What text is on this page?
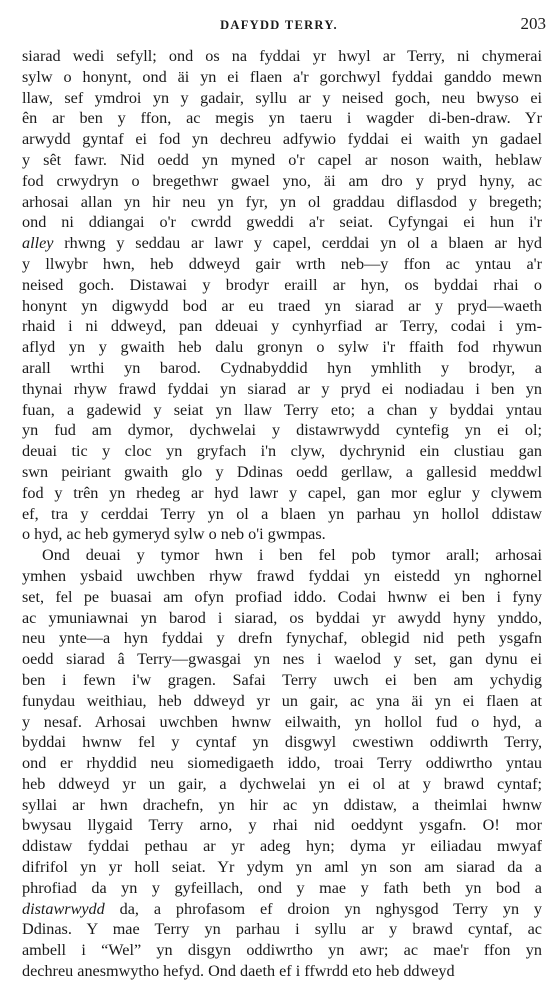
DAFYDD TERRY.	203
siarad wedi sefyll; ond os na fyddai yr hwyl ar Terry, ni chymerai
sylw o honynt, ond äi yn ei flaen a'r gorchwyl fyddai ganddo mewn
llaw, sef ymdroi yn y gadair, syllu ar y neised goch, neu bwyso ei
ên ar ben y ffon, ac megis yn taeru i wagder di-ben-draw. Yr
arwydd gyntaf ei fod yn dechreu adfywio fyddai ei waith yn gadael
y sêt fawr. Nid oedd yn myned o'r capel ar noson waith, heblaw
fod crwydryn o bregethwr gwael yno, äi am dro y pryd hyny, ac
arhosai allan yn hir neu yn fyr, yn ol graddau diflasdod y bregeth;
ond ni ddiangai o'r cwrdd gweddi a'r seiat. Cyfyngai ei hun i'r
alley rhwng y seddau ar lawr y capel, cerddai yn ol a blaen ar hyd
y llwybr hwn, heb ddweyd gair wrth neb—y ffon ac yntau a'r
neised goch. Distawai y brodyr eraill ar hyn, os byddai rhai o
honynt yn digwydd bod ar eu traed yn siarad ar y pryd—waeth
rhaid i ni ddweyd, pan ddeuai y cynhyrfiad ar Terry, codai i ym-
aflyd yn y gwaith heb dalu gronyn o sylw i'r ffaith fod rhywun
arall wrthi yn barod. Cydnabyddid hyn ymhlith y brodyr, a
thynai rhyw frawd fyddai yn siarad ar y pryd ei nodiadau i ben yn
fuan, a gadewid y seiat yn llaw Terry eto; a chan y byddai yntau
yn fud am dymor, dychwelai y distawrwydd cyntefig yn ei ol;
deuai tic y cloc yn gryfach i'n clyw, dychrynid ein clustiau gan
swn peiriant gwaith glo y Ddinas oedd gerllaw, a gallesid meddwl
fod y trên yn rhedeg ar hyd lawr y capel, gan mor eglur y clywem
ef, tra y cerddai Terry yn ol a blaen yn parhau yn hollol ddistaw
o hyd, ac heb gymeryd sylw o neb o'i gwmpas.
Ond deuai y tymor hwn i ben fel pob tymor arall; arhosai
ymhen ysbaid uwchben rhyw frawd fyddai yn eistedd yn nghornel
set, fel pe buasai am ofyn profiad iddo. Codai hwnw ei ben i fyny
ac ymuniawnai yn barod i siarad, os byddai yr awydd hyny ynddo,
neu ynte—a hyn fyddai y drefn fynychaf, oblegid nid peth ysgafn
oedd siarad â Terry—gwasgai yn nes i waelod y set, gan dynu ei
ben i fewn i'w gragen. Safai Terry uwch ei ben am ychydig
funydau weithiau, heb ddweyd yr un gair, ac yna äi yn ei flaen at
y nesaf. Arhosai uwchben hwnw eilwaith, yn hollol fud o hyd, a
byddai hwnw fel y cyntaf yn disgwyl cwestiwn oddiwrth Terry,
ond er rhyddid neu siomedigaeth iddo, troai Terry oddiwrtho yntau
heb ddweyd yr un gair, a dychwelai yn ei ol at y brawd cyntaf;
syllai ar hwn drachefn, yn hir ac yn ddistaw, a theimlai hwnw
bwysau llygaid Terry arno, y rhai nid oeddynt ysgafn. O! mor
ddistaw fyddai pethau ar yr adeg hyn; dyma yr eiliadau mwyaf
difrifol yn yr holl seiat. Yr ydym yn aml yn son am siarad da a
phrofiad da yn y gyfeillach, ond y mae y fath beth yn bod a
distawrwydd da, a phrofasom ef droion yn nghysgod Terry yn y
Ddinas. Y mae Terry yn parhau i syllu ar y brawd cyntaf, ac
ambell i “Wel” yn disgyn oddiwrtho yn awr; ac mae'r ffon yn
dechreu anesmwytho hefyd. Ond daeth ef i ffwrdd eto heb ddweyd
